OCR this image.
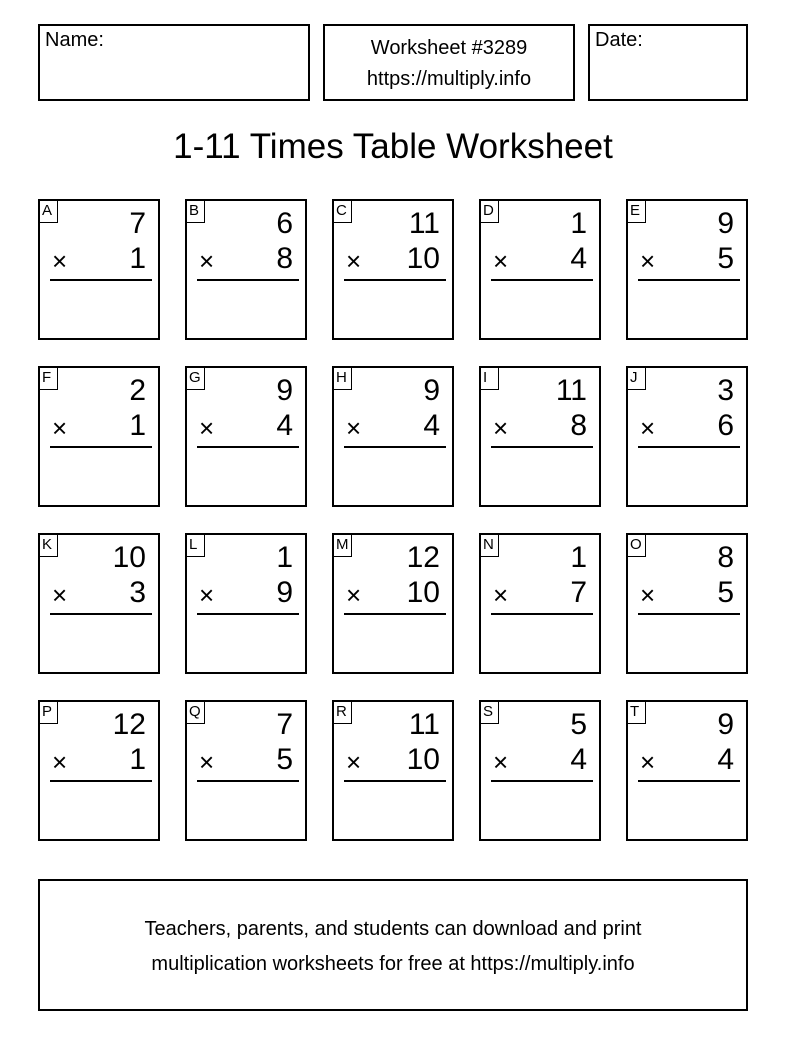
Name:	Worksheet #3289
https://multiply.info
Date:
1-11 Times Table Worksheet
A	7
× 1
B	6
× 8
C 11
× 10
D	1
× 4
E	9
× 5
F	2
× 1
G	9
× 4
H	9
× 4
I	11
× 8
J	3
× 6
K 10
× 3
L	1
× 9
M 12
× 10
N	1
× 7
O	8
× 5
P 12
× 1
Q	7
× 5
R 11
× 10
S	5
× 4
T	9
× 4
Teachers, parents, and students can download and print
multiplication worksheets for free at https://multiply.info
